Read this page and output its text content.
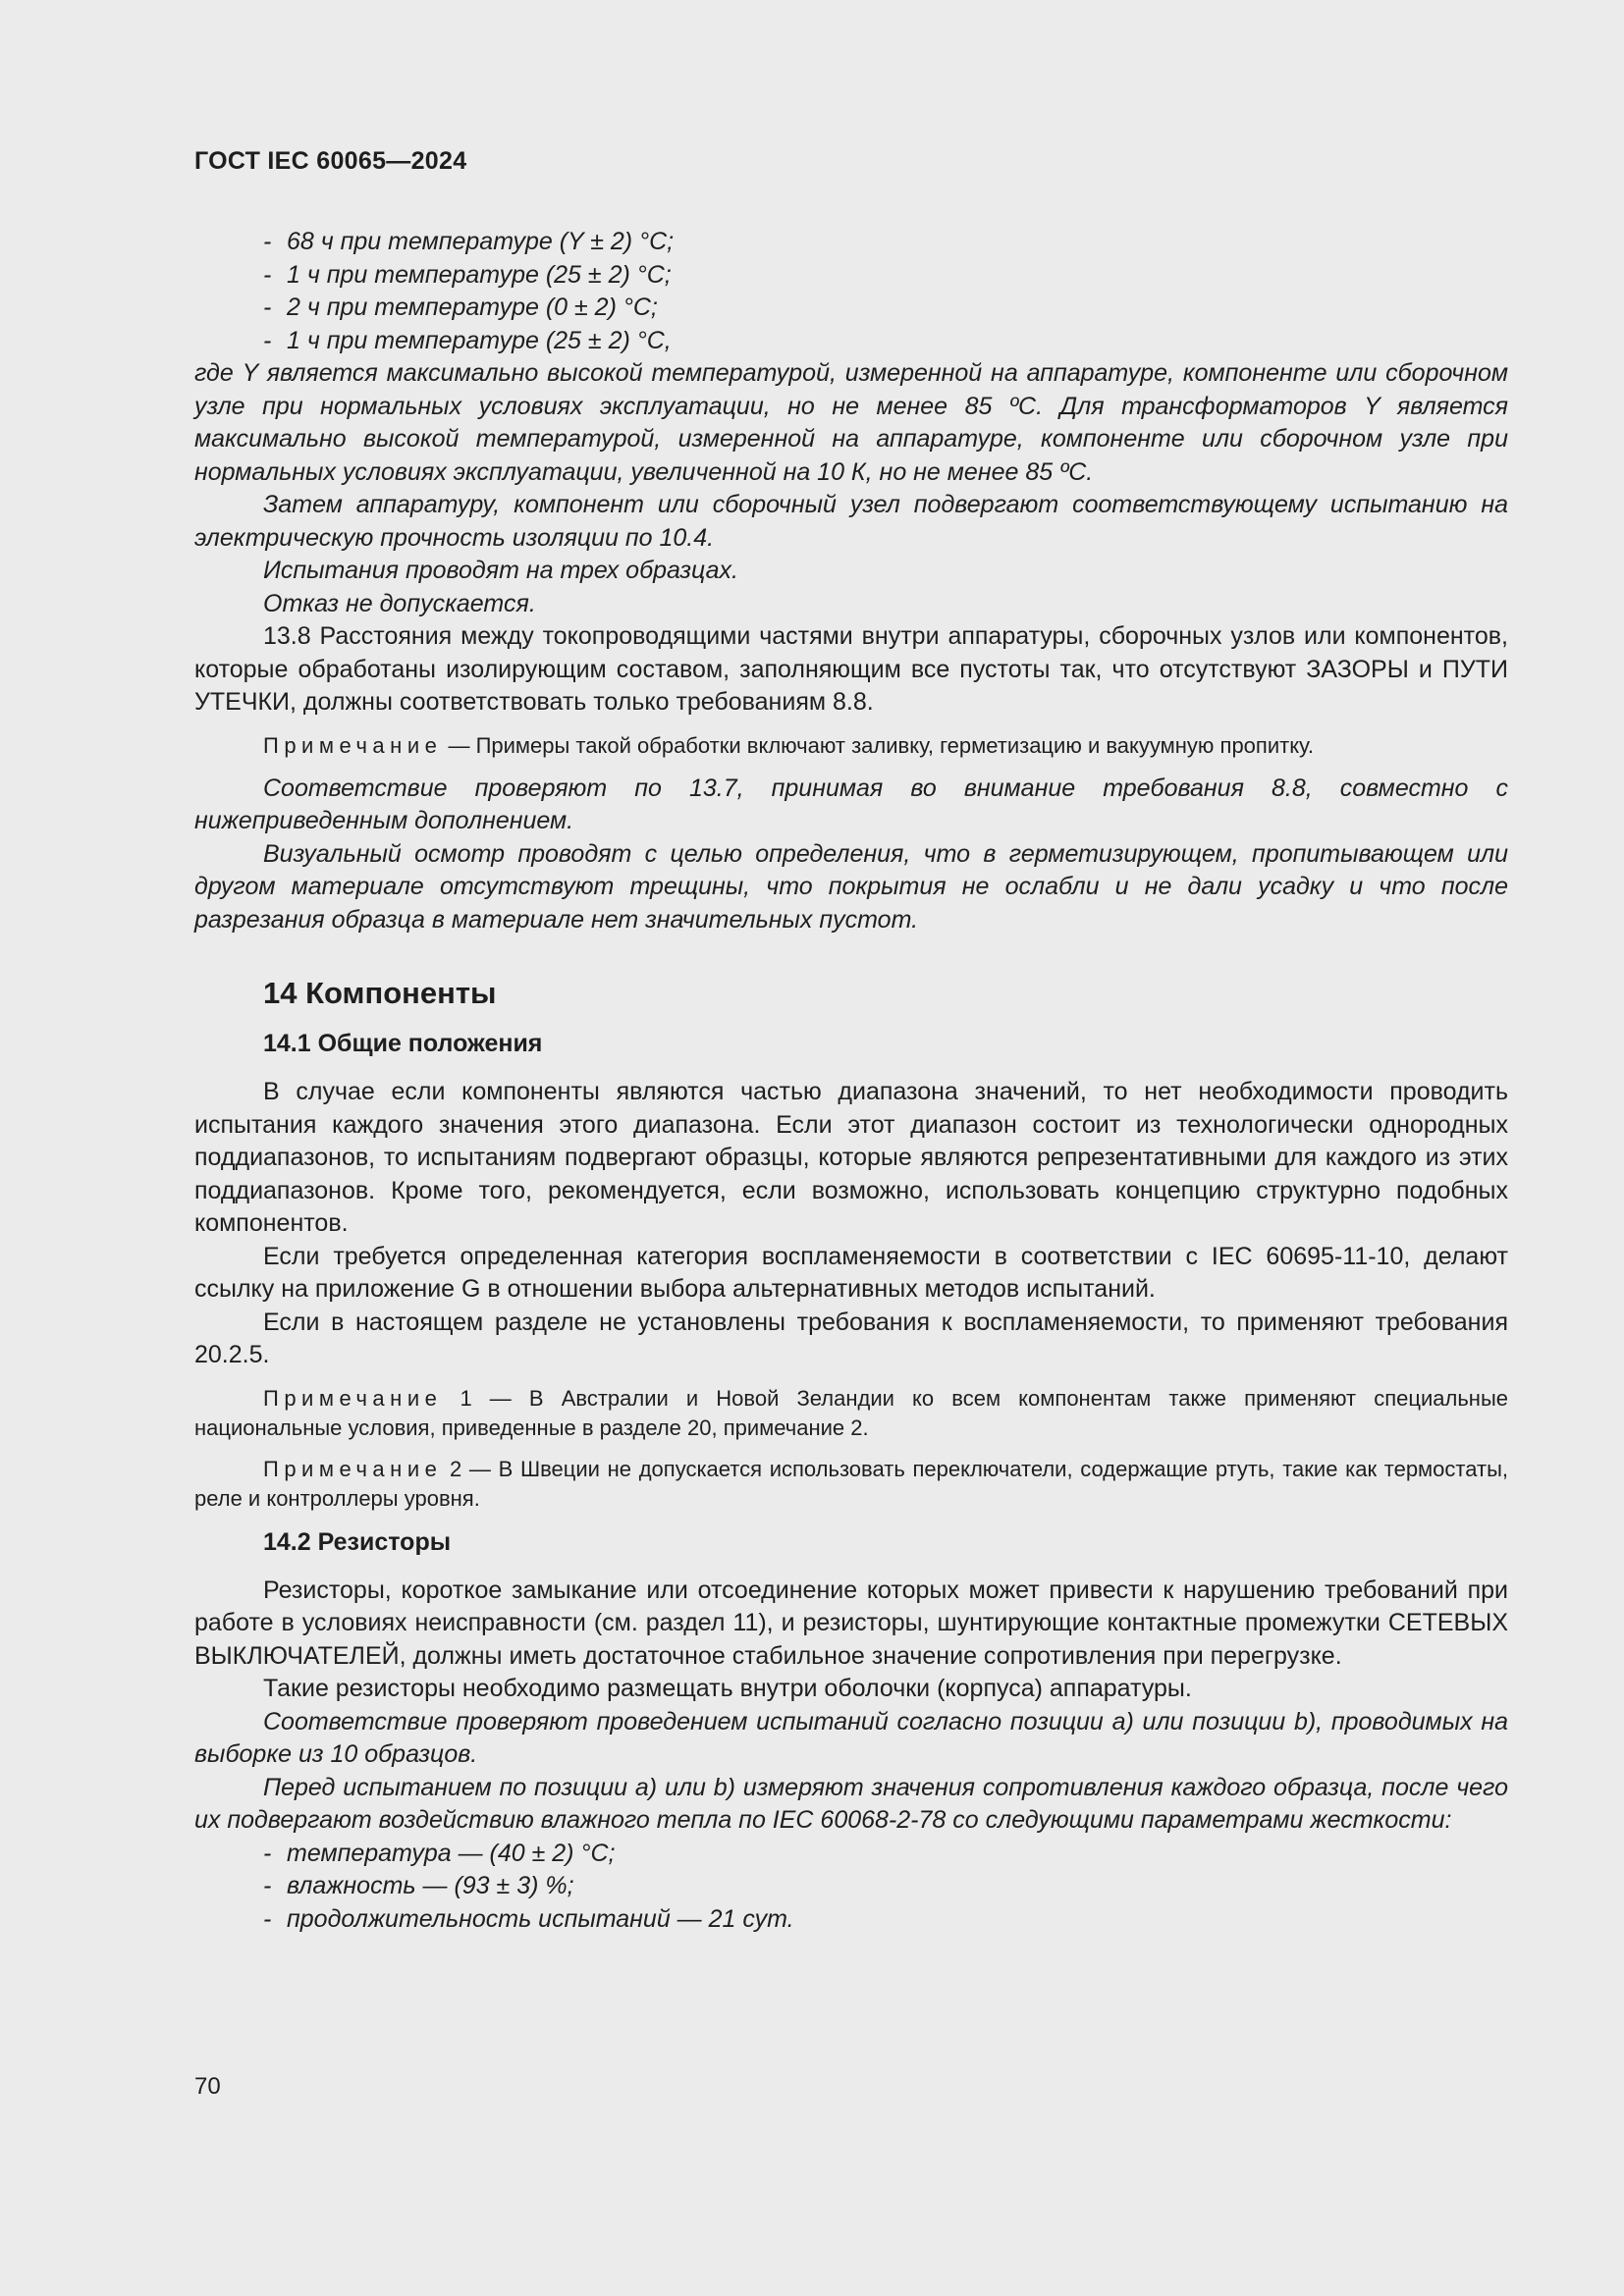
ГОСТ IEC 60065—2024

- 68 ч при температуре (Y ± 2) °С;

- 1 ч при температуре (25 ± 2) °С;

- 2 ч при температуре (0 ± 2) °С;

- 1 ч при температуре (25 ± 2) °С,

где Y является максимально высокой температурой, измеренной на аппаратуре, компоненте или сборочном узле при нормальных условиях эксплуатации, но не менее 85 ºС. Для трансформаторов Y является максимально высокой температурой, измеренной на аппаратуре, компоненте или сборочном узле при нормальных условиях эксплуатации, увеличенной на 10 К, но не менее 85 ºС.

Затем аппаратуру, компонент или сборочный узел подвергают соответствующему испытанию на электрическую прочность изоляции по 10.4.

Испытания проводят на трех образцах.

Отказ не допускается.

13.8 Расстояния между токопроводящими частями внутри аппаратуры, сборочных узлов или компонентов, которые обработаны изолирующим составом, заполняющим все пустоты так, что отсутствуют ЗАЗОРЫ и ПУТИ УТЕЧКИ, должны соответствовать только требованиям 8.8.

Примечание — Примеры такой обработки включают заливку, герметизацию и вакуумную пропитку.

Соответствие проверяют по 13.7, принимая во внимание требования 8.8, совместно с нижеприведенным дополнением.

Визуальный осмотр проводят с целью определения, что в герметизирующем, пропитывающем или другом материале отсутствуют трещины, что покрытия не ослабли и не дали усадку и что после разрезания образца в материале нет значительных пустот.

14 Компоненты
14.1 Общие положения

В случае если компоненты являются частью диапазона значений, то нет необходимости проводить испытания каждого значения этого диапазона. Если этот диапазон состоит из технологически однородных поддиапазонов, то испытаниям подвергают образцы, которые являются репрезентативными для каждого из этих поддиапазонов. Кроме того, рекомендуется, если возможно, использовать концепцию структурно подобных компонентов.

Если требуется определенная категория воспламеняемости в соответствии с IEC 60695-11-10, делают ссылку на приложение G в отношении выбора альтернативных методов испытаний.

Если в настоящем разделе не установлены требования к воспламеняемости, то применяют требования 20.2.5.

Примечание 1 — В Австралии и Новой Зеландии ко всем компонентам также применяют специальные национальные условия, приведенные в разделе 20, примечание 2.

Примечание 2 — В Швеции не допускается использовать переключатели, содержащие ртуть, такие как термостаты, реле и контроллеры уровня.

14.2 Резисторы

Резисторы, короткое замыкание или отсоединение которых может привести к нарушению требований при работе в условиях неисправности (см. раздел 11), и резисторы, шунтирующие контактные промежутки СЕТЕВЫХ ВЫКЛЮЧАТЕЛЕЙ, должны иметь достаточное стабильное значение сопротивления при перегрузке.

Такие резисторы необходимо размещать внутри оболочки (корпуса) аппаратуры.

Соответствие проверяют проведением испытаний согласно позиции а) или позиции b), проводимых на выборке из 10 образцов.

Перед испытанием по позиции а) или b) измеряют значения сопротивления каждого образца, после чего их подвергают воздействию влажного тепла по IEC 60068-2-78 со следующими параметрами жесткости:

- температура — (40 ± 2) °С;

- влажность — (93 ± 3) %;

- продолжительность испытаний — 21 сут.

70
